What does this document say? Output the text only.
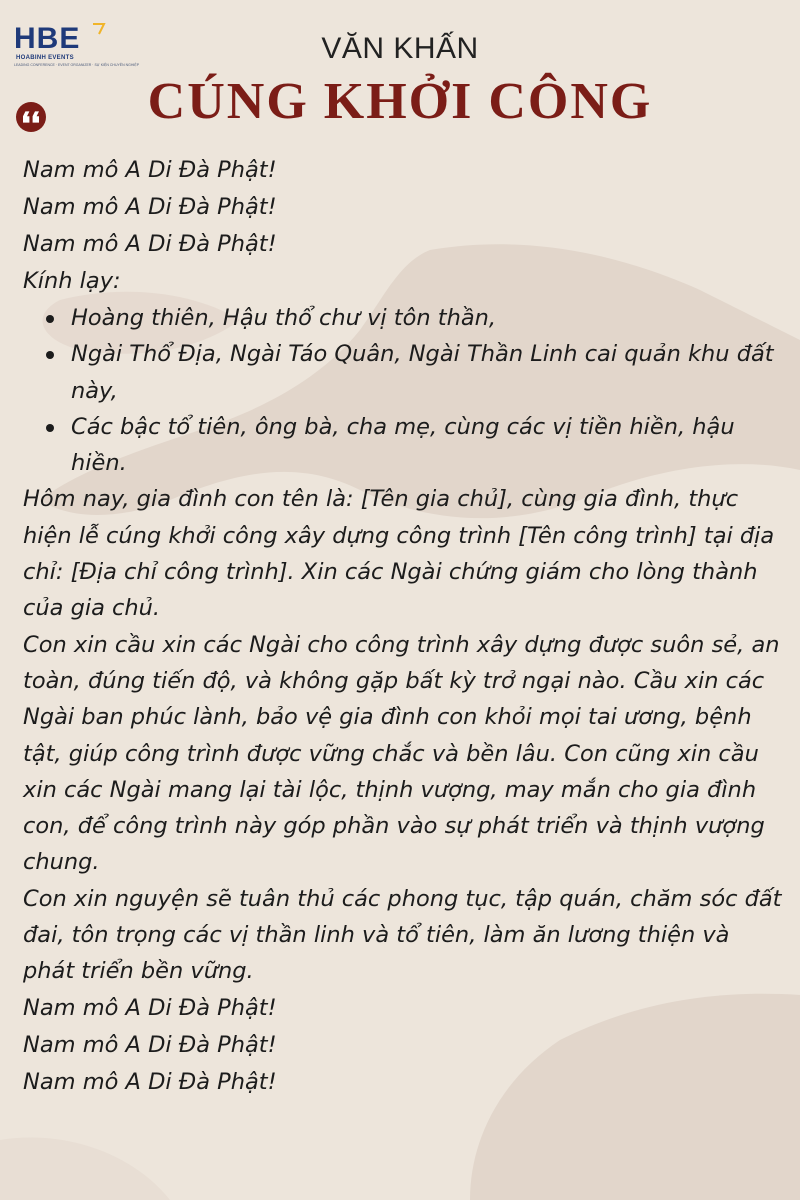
HBE
HOABINH EVENTS
LEADING CONFERENCE · EVENT ORGANIZER · SỰ KIỆN CHUYÊN NGHIỆP	VĂN KHẤN
CÚNG KHỞI CÔNG

Nam mô A Di Đà Phật!

Nam mô A Di Đà Phật!

Nam mô A Di Đà Phật!

Kính lạy:

Hoàng thiên, Hậu thổ chư vị tôn thần,
Ngài Thổ Địa, Ngài Táo Quân, Ngài Thần Linh cai quản khu đất này,
Các bậc tổ tiên, ông bà, cha mẹ, cùng các vị tiền hiền, hậu hiền.

Hôm nay, gia đình con tên là: [Tên gia chủ], cùng gia đình, thực hiện lễ cúng khởi công xây dựng công trình [Tên công trình] tại địa chỉ: [Địa chỉ công trình]. Xin các Ngài chứng giám cho lòng thành của gia chủ.

Con xin cầu xin các Ngài cho công trình xây dựng được suôn sẻ, an toàn, đúng tiến độ, và không gặp bất kỳ trở ngại nào. Cầu xin các Ngài ban phúc lành, bảo vệ gia đình con khỏi mọi tai ương, bệnh tật, giúp công trình được vững chắc và bền lâu. Con cũng xin cầu xin các Ngài mang lại tài lộc, thịnh vượng, may mắn cho gia đình con, để công trình này góp phần vào sự phát triển và thịnh vượng chung.

Con xin nguyện sẽ tuân thủ các phong tục, tập quán, chăm sóc đất đai, tôn trọng các vị thần linh và tổ tiên, làm ăn lương thiện và phát triển bền vững.

Nam mô A Di Đà Phật!

Nam mô A Di Đà Phật!

Nam mô A Di Đà Phật!
